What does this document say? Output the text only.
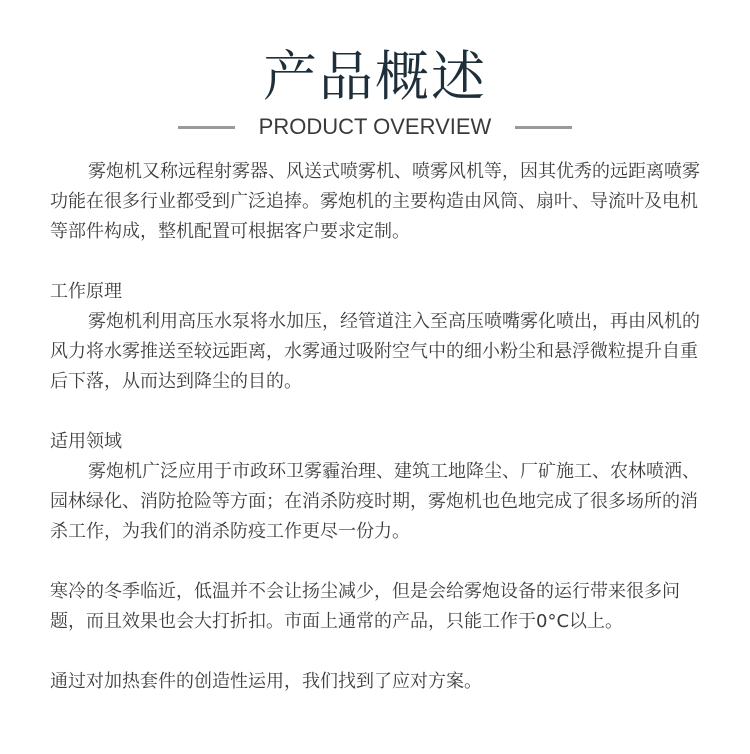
产品概述
PRODUCT OVERVIEW

雾炮机又称远程射雾器、风送式喷雾机、喷雾风机等，因其优秀的远距离喷雾功能在很多行业都受到广泛追捧。雾炮机的主要构造由风筒、扇叶、导流叶及电机等部件构成，整机配置可根据客户要求定制。

工作原理

雾炮机利用高压水泵将水加压，经管道注入至高压喷嘴雾化喷出，再由风机的风力将水雾推送至较远距离，水雾通过吸附空气中的细小粉尘和悬浮微粒提升自重后下落，从而达到降尘的目的。

适用领域

雾炮机广泛应用于市政环卫雾霾治理、建筑工地降尘、厂矿施工、农林喷洒、园林绿化、消防抢险等方面；在消杀防疫时期，雾炮机也色地完成了很多场所的消杀工作，为我们的消杀防疫工作更尽一份力。

寒冷的冬季临近，低温并不会让扬尘减少，但是会给雾炮设备的运行带来很多问题，而且效果也会大打折扣。市面上通常的产品，只能工作于0°C以上。

通过对加热套件的创造性运用，我们找到了应对方案。
